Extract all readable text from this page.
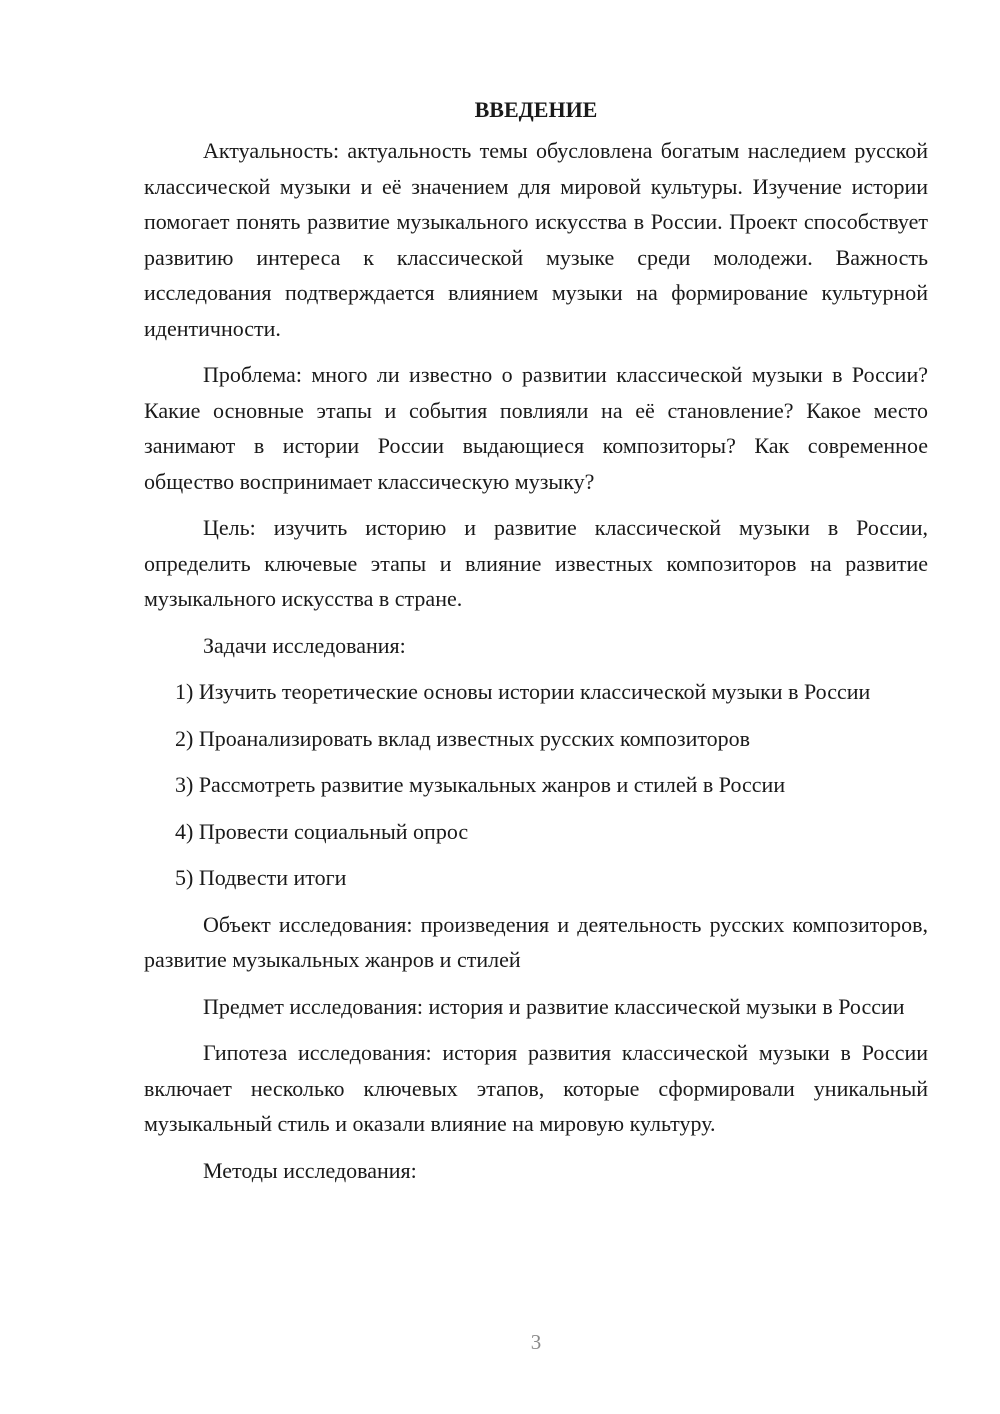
ВВЕДЕНИЕ

Актуальность: актуальность темы обусловлена богатым наследием русской классической музыки и её значением для мировой культуры. Изучение истории помогает понять развитие музыкального искусства в России. Проект способствует развитию интереса к классической музыке среди молодежи. Важность исследования подтверждается влиянием музыки на формирование культурной идентичности.

Проблема: много ли известно о развитии классической музыки в России? Какие основные этапы и события повлияли на её становление? Какое место занимают в истории России выдающиеся композиторы? Как современное общество воспринимает классическую музыку?

Цель: изучить историю и развитие классической музыки в России, определить ключевые этапы и влияние известных композиторов на развитие музыкального искусства в стране.

Задачи исследования:

1) Изучить теоретические основы истории классической музыки в России

2) Проанализировать вклад известных русских композиторов

3) Рассмотреть развитие музыкальных жанров и стилей в России

4) Провести социальный опрос

5) Подвести итоги

Объект исследования: произведения и деятельность русских композиторов, развитие музыкальных жанров и стилей

Предмет исследования: история и развитие классической музыки в России

Гипотеза исследования: история развития классической музыки в России включает несколько ключевых этапов, которые сформировали уникальный музыкальный стиль и оказали влияние на мировую культуру.

Методы исследования:

3
